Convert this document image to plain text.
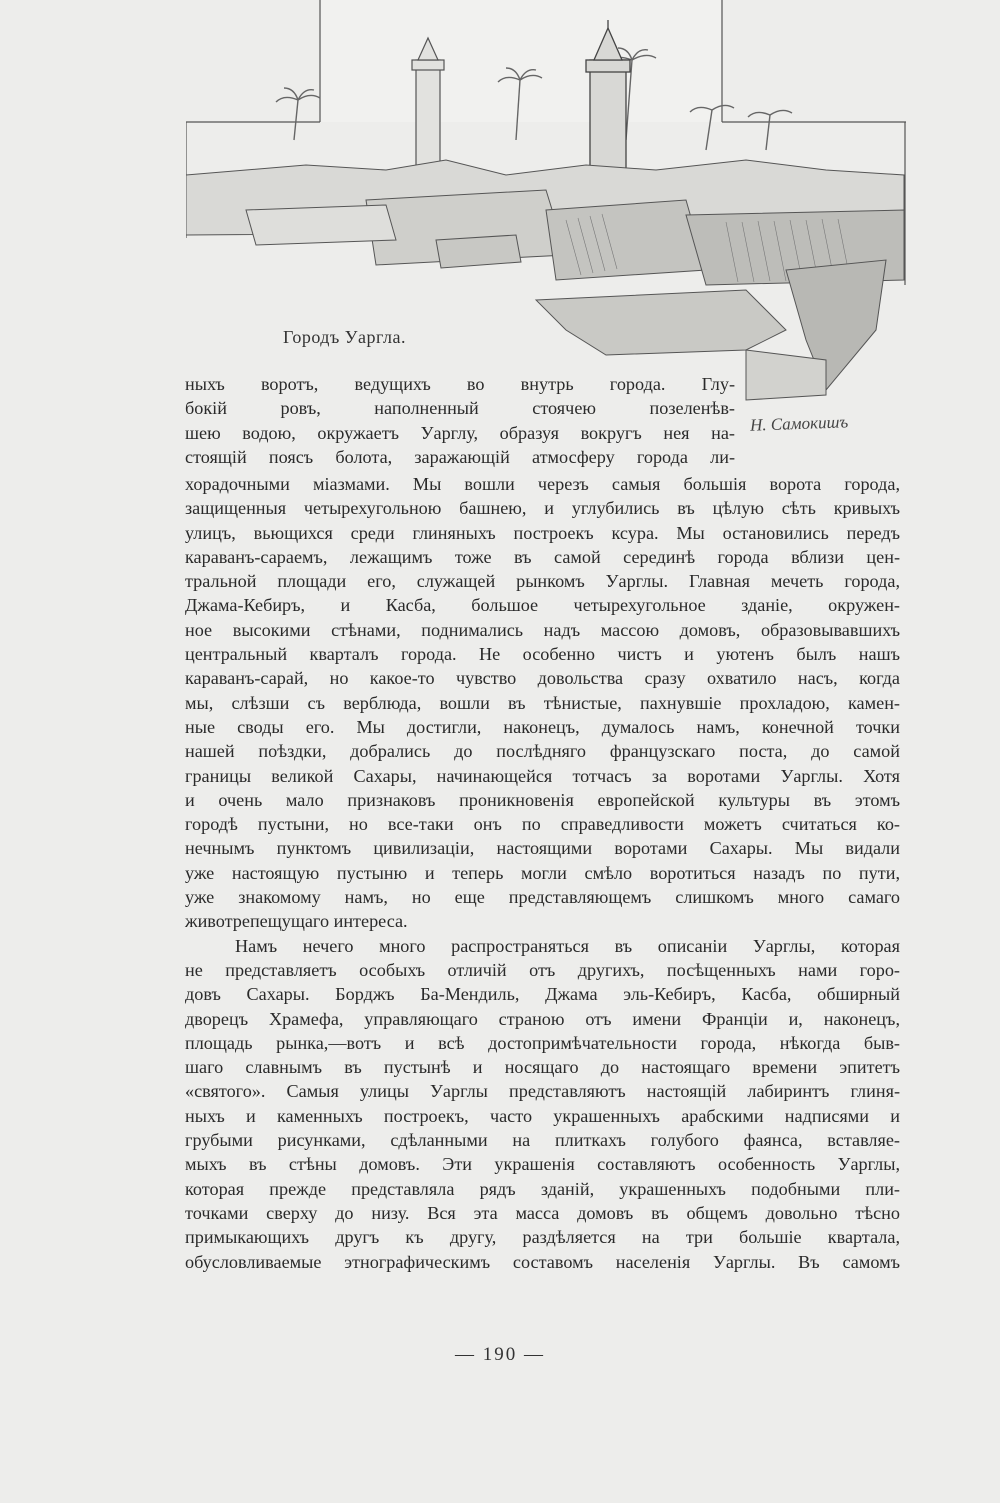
Городъ Уаргла.
Н. Самокишъ
ныхъ воротъ, ведущихъ во внутрь города. Глу-
бокій ровъ, наполненный стоячею позеленѣв-
шею водою, окружаетъ Уарглу, образуя вокругъ нея на-
стоящій поясъ болота, заражающій атмосферу города ли-
хорадочными міазмами. Мы вошли черезъ самыя большія ворота города,
защищенныя четырехугольною башнею, и углубились въ цѣлую сѣть кривыхъ
улицъ, вьющихся среди глиняныхъ построекъ ксура. Мы остановились передъ
караванъ-сараемъ, лежащимъ тоже въ самой серединѣ города вблизи цен-
тральной площади его, служащей рынкомъ Уарглы. Главная мечеть города,
Джама-Кебиръ, и Касба, большое четырехугольное зданіе, окружен-
ное высокими стѣнами, поднимались надъ массою домовъ, образовывавшихъ
центральный кварталъ города. Не особенно чистъ и уютенъ былъ нашъ
караванъ-сарай, но какое-то чувство довольства сразу охватило насъ, когда
мы, слѣзши съ верблюда, вошли въ тѣнистые, пахнувшіе прохладою, камен-
ные своды его. Мы достигли, наконецъ, думалось намъ, конечной точки
нашей поѣздки, добрались до послѣдняго французскаго поста, до самой
границы великой Сахары, начинающейся тотчасъ за воротами Уарглы. Хотя
и очень мало признаковъ проникновенія европейской культуры въ этомъ
городѣ пустыни, но все-таки онъ по справедливости можетъ считаться ко-
нечнымъ пунктомъ цивилизаціи, настоящими воротами Сахары. Мы видали
уже настоящую пустыню и теперь могли смѣло воротиться назадъ по пути,
уже знакомому намъ, но еще представляющемъ слишкомъ много самаго
животрепещущаго интереса.
Намъ нечего много распространяться въ описаніи Уарглы, которая
не представляетъ особыхъ отличій отъ другихъ, посѣщенныхъ нами горо-
довъ Сахары. Борджъ Ба-Мендиль, Джама эль-Кебиръ, Касба, обширный
дворецъ Храмефа, управляющаго страною отъ имени Франціи и, наконецъ,
площадь рынка,—вотъ и всѣ достопримѣчательности города, нѣкогда быв-
шаго славнымъ въ пустынѣ и носящаго до настоящаго времени эпитетъ
«святого». Самыя улицы Уарглы представляютъ настоящій лабиринтъ глиня-
ныхъ и каменныхъ построекъ, часто украшенныхъ арабскими надписями и
грубыми рисунками, сдѣланными на плиткахъ голубого фаянса, вставляе-
мыхъ въ стѣны домовъ. Эти украшенія составляютъ особенность Уарглы,
которая прежде представляла рядъ зданій, украшенныхъ подобными пли-
точками сверху до низу. Вся эта масса домовъ въ общемъ довольно тѣсно
примыкающихъ другъ къ другу, раздѣляется на три большіе квартала,
обусловливаемые этнографическимъ составомъ населенія Уарглы. Въ самомъ
— 190 —
